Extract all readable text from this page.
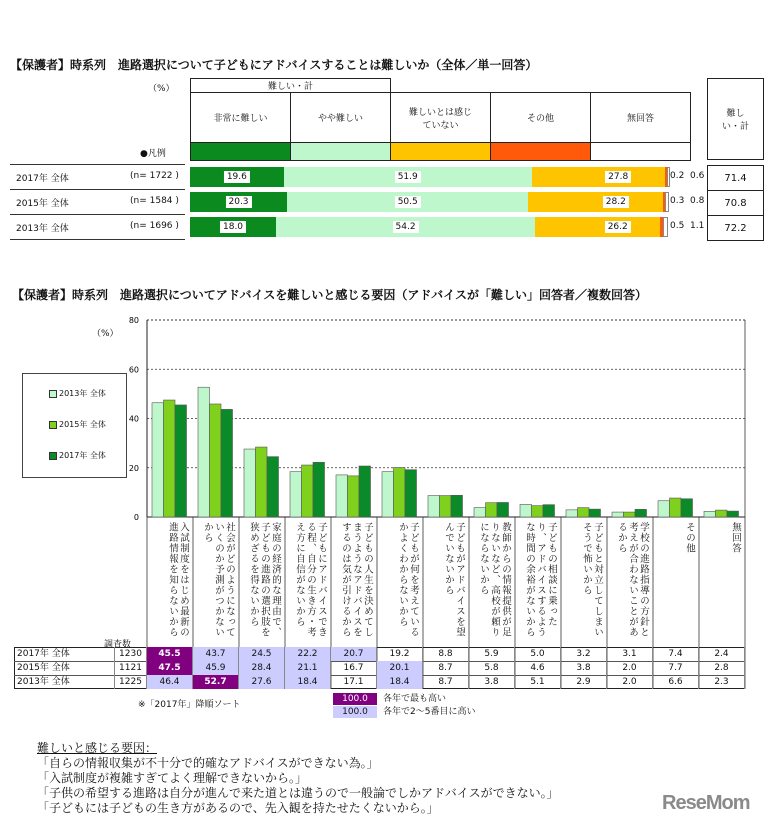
【保護者】時系列　進路選択について子どもにアドバイスすることは難しいか（全体／単一回答）
（%）	難しい・計
非常に難しい	やや難しい
難しいとは感じていない
その他	無回答
●凡例
難しい・計
2017年 全体	(n= 1722 )	19.6	51.9	27.8	0.2 0.6	71.4
2015年 全体	(n= 1584 )	20.3	50.5	28.2	0.3 0.8	70.8
2013年 全体	(n= 1696 )	18.0	54.2	26.2	0.5 1.1	72.2
【保護者】時系列　進路選択についてアドバイスを難しいと感じる要因（アドバイスが「難しい」回答者／複数回答）
（%）
2013年 全体
2015年 全体
2017年 全体
0
20
40
60
80
入試制度をはじめ最新の進路情報を知らないから	社会がどのようになっていくのか予測がつかないから	家庭の経済的な理由で、子どもの進路の選択肢を狭めざるを得ないから	子どもにアドバイスできる程、自分の生き方・考え方に自信がないから	子どもの人生を決めてしまうようなアドバイスをするのは気が引けるから	子どもが何を考えているかよくわからないから	子どもがアドバイスを望んでいないから	教師からの情報提供が足りないなど、高校が頼りにならないから	子どもの相談に乗ったり、アドバイスするような時間の余裕がないから	子どもと対立してしまいそうで怖いから	学校の進路指導の方針と考えが合わないことがあるから	その他	無回答
調査数
2017年 全体	1230	45.5	43.7	24.5	22.2	20.7	19.2	8.8	5.9	5.0	3.2	3.1	7.4	2.4
2015年 全体	1121	47.5	45.9	28.4	21.1	16.7	20.1	8.7	5.8	4.6	3.8	2.0	7.7	2.8
2013年 全体	1225	46.4	52.7	27.6	18.4	17.1	18.4	8.7	3.8	5.1	2.9	2.0	6.6	2.3
※「2017年」降順ソート
100.0	各年で最も高い
100.0	各年で2～5番目に高い
難しいと感じる要因：
「自らの情報収集が不十分で的確なアドバイスができない為。」
「入試制度が複雑すぎてよく理解できないから。」
「子供の希望する進路は自分が進んで来た道とは違うので一般論でしかアドバイスができない。」
「子どもには子どもの生き方があるので、先入観を持たせたくないから。」	ReseMom
